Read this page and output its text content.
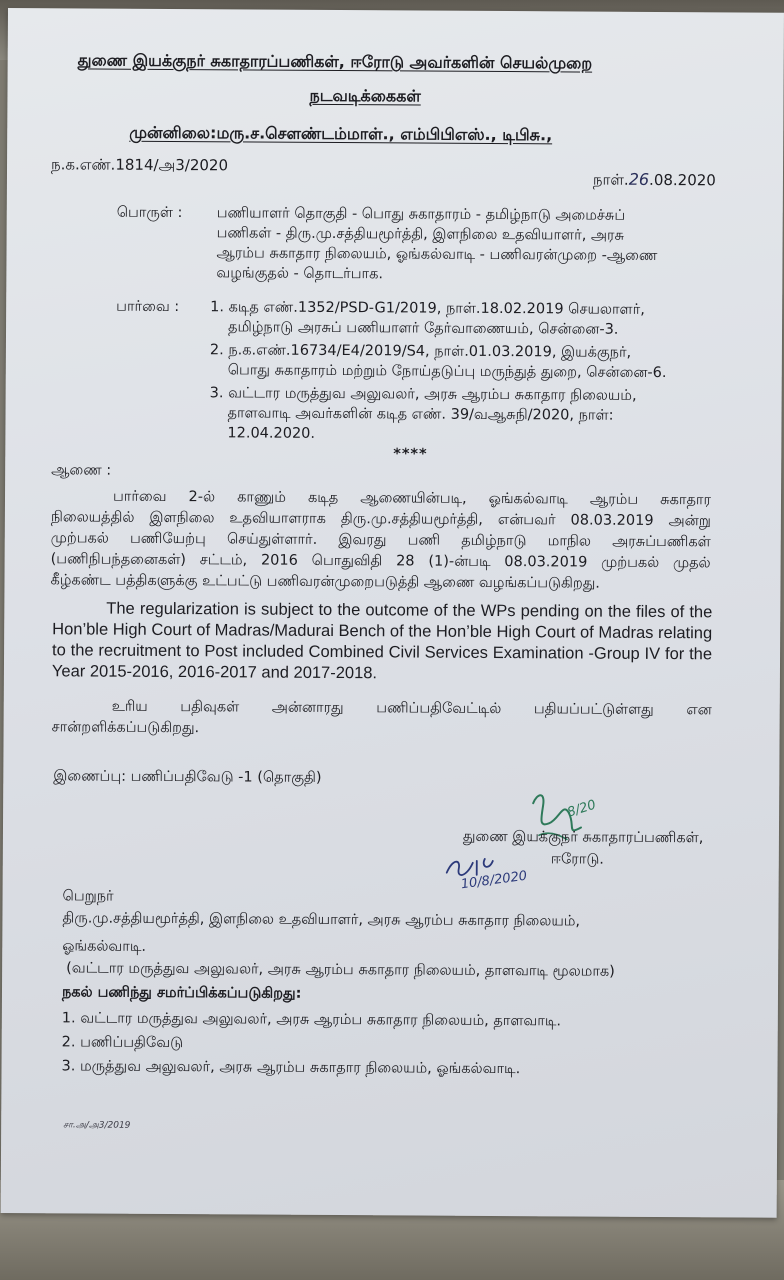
துணை இயக்குநர் சுகாதாரப்பணிகள், ஈரோடு அவர்களின் செயல்முறை
நடவடிக்கைகள்
முன்னிலை:மரு.ச.சௌண்டம்மாள்., எம்பிபிஎஸ்., டிபிசு.,
ந.க.எண்.1814/அ3/2020
நாள்.26.08.2020
பொருள் : பணியாளர் தொகுதி - பொது சுகாதாரம் - தமிழ்நாடு அமைச்சுப்
பணிகள் - திரு.மு.சத்தியமூர்த்தி, இளநிலை உதவியாளர், அரசு
ஆரம்ப சுகாதார நிலையம், ஓங்கல்வாடி - பணிவரன்முறை -ஆணை
வழங்குதல் - தொடர்பாக.
பார்வை : 1. கடித எண்.1352/PSD-G1/2019, நாள்.18.02.2019 செயலாளர்,
தமிழ்நாடு அரசுப் பணியாளர் தேர்வாணையம், சென்னை-3.
2. ந.க.எண்.16734/E4/2019/S4, நாள்.01.03.2019, இயக்குநர்,
பொது சுகாதாரம் மற்றும் நோய்தடுப்பு மருந்துத் துறை, சென்னை-6.
3. வட்டார மருத்துவ அலுவலர், அரசு ஆரம்ப சுகாதார நிலையம்,
தாளவாடி அவர்களின் கடித எண். 39/வஆசுநி/2020, நாள்:
12.04.2020.
****
ஆணை :
பார்வை 2-ல் காணும் கடித ஆணையின்படி, ஓங்கல்வாடி ஆரம்ப சுகாதார
நிலையத்தில் இளநிலை உதவியாளராக திரு.மு.சத்தியமூர்த்தி, என்பவர் 08.03.2019 அன்று
முற்பகல் பணியேற்பு செய்துள்ளார். இவரது பணி தமிழ்நாடு மாநில அரசுப்பணிகள்
(பணிநிபந்தனைகள்) சட்டம், 2016 பொதுவிதி 28 (1)-ன்படி 08.03.2019 முற்பகல் முதல்
கீழ்கண்ட பத்திகளுக்கு உட்பட்டு பணிவரன்முறைபடுத்தி ஆணை வழங்கப்படுகிறது.
The regularization is subject to the outcome of the WPs pending on the files of the Hon’ble High Court of Madras/Madurai Bench of the Hon’ble High Court of Madras relating to the recruitment to Post included Combined Civil Services Examination -Group IV for the Year 2015-2016, 2016-2017 and 2017-2018.
உரிய பதிவுகள் அன்னாரது பணிப்பதிவேட்டில் பதியப்பட்டுள்ளது என
சான்றளிக்கப்படுகிறது.
இணைப்பு: பணிப்பதிவேடு -1 (தொகுதி)
8/20
துணை இயக்குநர் சுகாதாரப்பணிகள்,
ஈரோடு.
10/8/2020
பெறுநர்
திரு.மு.சத்தியமூர்த்தி, இளநிலை உதவியாளர், அரசு ஆரம்ப சுகாதார நிலையம்,
ஓங்கல்வாடி.
(வட்டார மருத்துவ அலுவலர், அரசு ஆரம்ப சுகாதார நிலையம், தாளவாடி மூலமாக)
நகல் பணிந்து சமர்ப்பிக்கப்படுகிறது:
1. வட்டார மருத்துவ அலுவலர், அரசு ஆரம்ப சுகாதார நிலையம், தாளவாடி.
2. பணிப்பதிவேடு
3. மருத்துவ அலுவலர், அரசு ஆரம்ப சுகாதார நிலையம், ஓங்கல்வாடி.
சா.அ/அ3/2019
